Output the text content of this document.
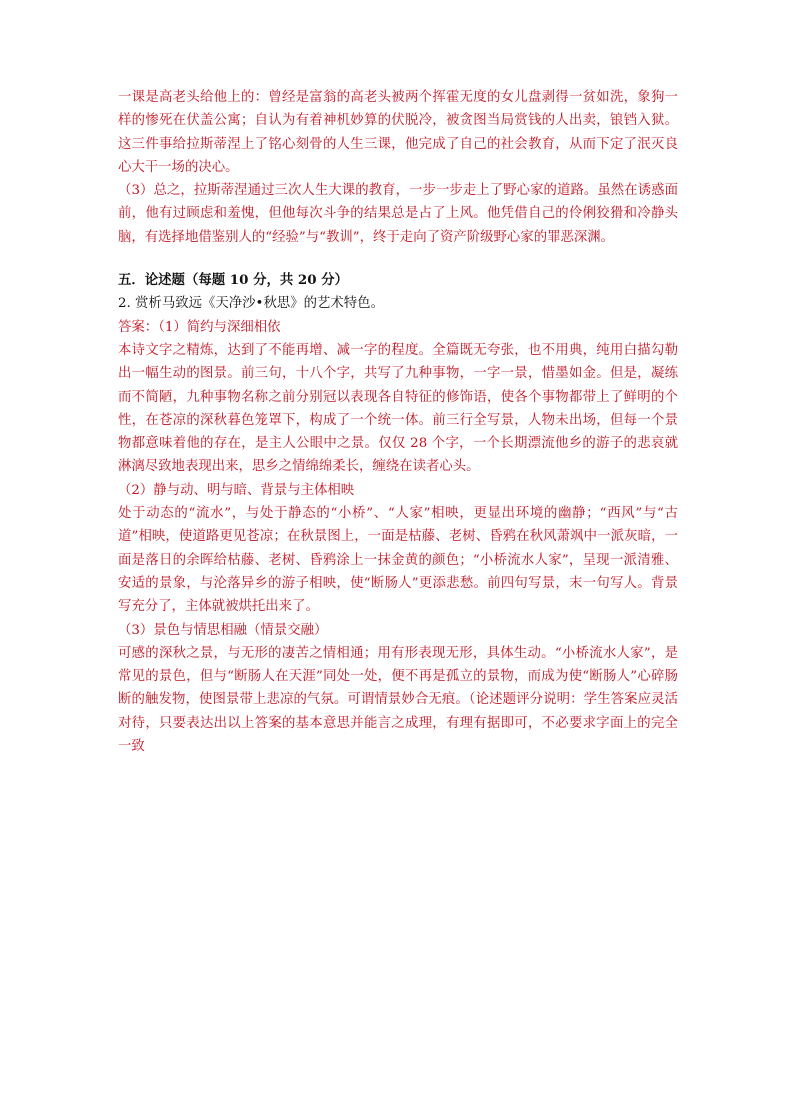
一课是高老头给他上的：曾经是富翁的高老头被两个挥霍无度的女儿盘剥得一贫如洗，象狗一样的惨死在伏盖公寓；自认为有着神机妙算的伏脱冷，被贪图当局赏钱的人出卖，锒铛入狱。这三件事给拉斯蒂涅上了铭心刻骨的人生三课，他完成了自己的社会教育，从而下定了泯灭良心大干一场的决心。

（3）总之，拉斯蒂涅通过三次人生大课的教育，一步一步走上了野心家的道路。虽然在诱惑面前，他有过顾虑和羞愧，但他每次斗争的结果总是占了上风。他凭借自己的伶俐狡猾和冷静头脑，有选择地借鉴别人的“经验”与“教训”，终于走向了资产阶级野心家的罪恶深渊。

五．论述题（每题 10 分，共 20 分）

2. 赏析马致远《天净沙•秋思》的艺术特色。

答案：（1）简约与深细相依

本诗文字之精炼，达到了不能再增、减一字的程度。全篇既无夸张，也不用典，纯用白描勾勒出一幅生动的图景。前三句，十八个字，共写了九种事物，一字一景，惜墨如金。但是，凝练而不简陋，九种事物名称之前分别冠以表现各自特征的修饰语，使各个事物都带上了鲜明的个性，在苍凉的深秋暮色笼罩下，构成了一个统一体。前三行全写景，人物未出场，但每一个景物都意味着他的存在，是主人公眼中之景。仅仅 28 个字，一个长期漂流他乡的游子的悲哀就淋漓尽致地表现出来，思乡之情绵绵柔长，缠绕在读者心头。

（2）静与动、明与暗、背景与主体相映

处于动态的“流水”，与处于静态的“小桥”、“人家”相映，更显出环境的幽静；“西风”与“古道”相映，使道路更见苍凉；在秋景图上，一面是枯藤、老树、昏鸦在秋风萧飒中一派灰暗，一面是落日的余晖给枯藤、老树、昏鸦涂上一抹金黄的颜色；“小桥流水人家”，呈现一派清雅、安适的景象，与沦落异乡的游子相映，使“断肠人”更添悲愁。前四句写景，末一句写人。背景写充分了，主体就被烘托出来了。

（3）景色与情思相融（情景交融）

可感的深秋之景，与无形的凄苦之情相通；用有形表现无形，具体生动。“小桥流水人家”，是常见的景色，但与“断肠人在天涯”同处一处，便不再是孤立的景物，而成为使“断肠人”心碎肠断的触发物，使图景带上悲凉的气氛。可谓情景妙合无痕。（论述题评分说明：学生答案应灵活对待，只要表达出以上答案的基本意思并能言之成理，有理有据即可，不必要求字面上的完全一致
